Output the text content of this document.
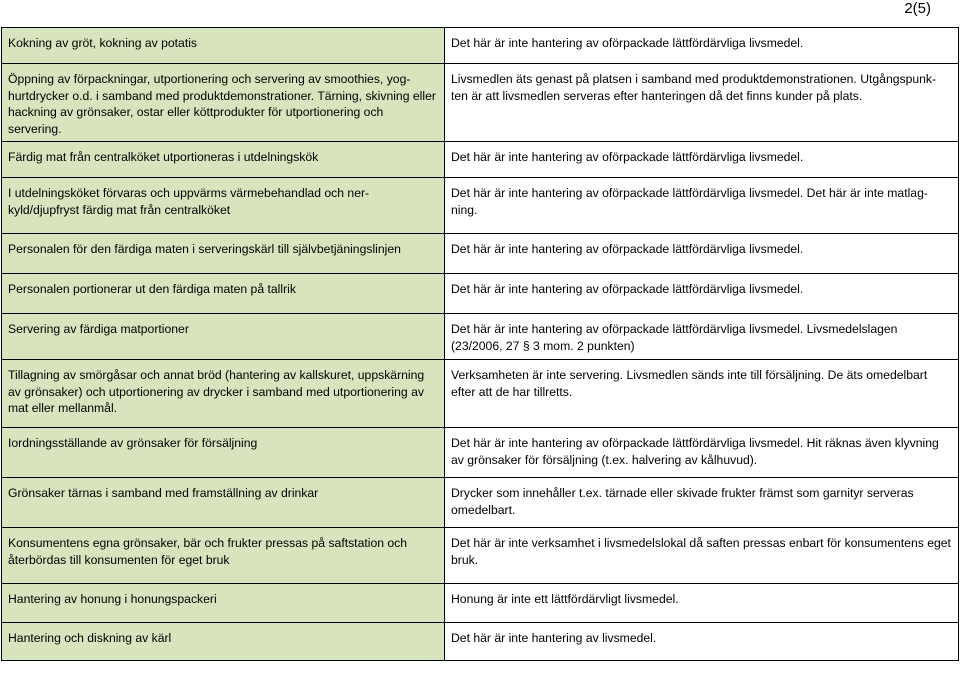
2(5)
Kokning av gröt, kokning av potatis	Det här är inte hantering av oförpackade lättfördärvliga livsmedel.
Öppning av förpackningar, utportionering och servering av smoothies, yog-hurtdrycker o.d. i samband med produktdemonstrationer. Tärning, skivning eller hackning av grönsaker, ostar eller köttprodukter för utportionering och servering.	Livsmedlen äts genast på platsen i samband med produktdemonstrationen. Utgångspunk-ten är att livsmedlen serveras efter hanteringen då det finns kunder på plats.
Färdig mat från centralköket utportioneras i utdelningskök	Det här är inte hantering av oförpackade lättfördärvliga livsmedel.
I utdelningsköket förvaras och uppvärms värmebehandlad och ner-kyld/djupfryst färdig mat från centralköket	Det här är inte hantering av oförpackade lättfördärvliga livsmedel. Det här är inte matlag-ning.
Personalen för den färdiga maten i serveringskärl till självbetjäningslinjen	Det här är inte hantering av oförpackade lättfördärvliga livsmedel.
Personalen portionerar ut den färdiga maten på tallrik	Det här är inte hantering av oförpackade lättfördärvliga livsmedel.
Servering av färdiga matportioner	Det här är inte hantering av oförpackade lättfördärvliga livsmedel. Livsmedelslagen (23/2006, 27 § 3 mom. 2 punkten)
Tillagning av smörgåsar och annat bröd (hantering av kallskuret, uppskärning av grönsaker) och utportionering av drycker i samband med utportionering av mat eller mellanmål.	Verksamheten är inte servering. Livsmedlen sänds inte till försäljning. De äts omedelbart efter att de har tillretts.
Iordningsställande av grönsaker för försäljning	Det här är inte hantering av oförpackade lättfördärvliga livsmedel. Hit räknas även klyvning av grönsaker för försäljning (t.ex. halvering av kålhuvud).
Grönsaker tärnas i samband med framställning av drinkar	Drycker som innehåller t.ex. tärnade eller skivade frukter främst som garnityr serveras omedelbart.
Konsumentens egna grönsaker, bär och frukter pressas på saftstation och återbördas till konsumenten för eget bruk	Det här är inte verksamhet i livsmedelslokal då saften pressas enbart för konsumentens eget bruk.
Hantering av honung i honungspackeri	Honung är inte ett lättfördärvligt livsmedel.
Hantering och diskning av kärl	Det här är inte hantering av livsmedel.
